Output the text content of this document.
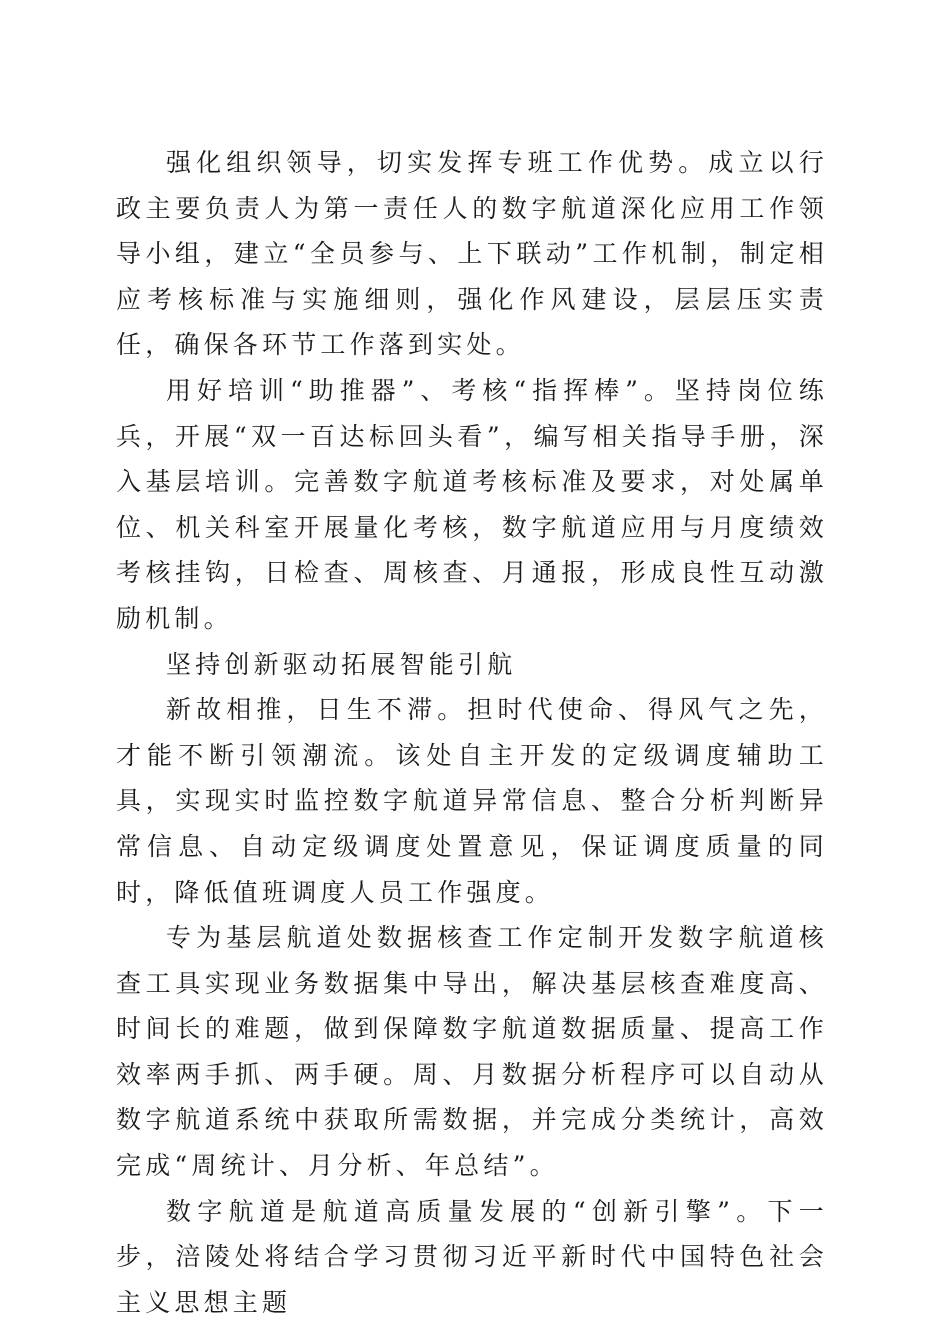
强化组织领导，切实发挥专班工作优势。成立以行政主要负责人为第一责任人的数字航道深化应用工作领导小组，建立“全员参与、上下联动”工作机制，制定相应考核标准与实施细则，强化作风建设，层层压实责任，确保各环节工作落到实处。

用好培训“助推器”、考核“指挥棒”。坚持岗位练兵，开展“双一百达标回头看”，编写相关指导手册，深入基层培训。完善数字航道考核标准及要求，对处属单位、机关科室开展量化考核，数字航道应用与月度绩效考核挂钩，日检查、周核查、月通报，形成良性互动激励机制。

坚持创新驱动拓展智能引航

新故相推，日生不滞。担时代使命、得风气之先，才能不断引领潮流。该处自主开发的定级调度辅助工具，实现实时监控数字航道异常信息、整合分析判断异常信息、自动定级调度处置意见，保证调度质量的同时，降低值班调度人员工作强度。

专为基层航道处数据核查工作定制开发数字航道核查工具实现业务数据集中导出，解决基层核查难度高、时间长的难题，做到保障数字航道数据质量、提高工作效率两手抓、两手硬。周、月数据分析程序可以自动从数字航道系统中获取所需数据，并完成分类统计，高效完成“周统计、月分析、年总结”。

数字航道是航道高质量发展的“创新引擎”。下一步，涪陵处将结合学习贯彻习近平新时代中国特色社会主义思想主题
